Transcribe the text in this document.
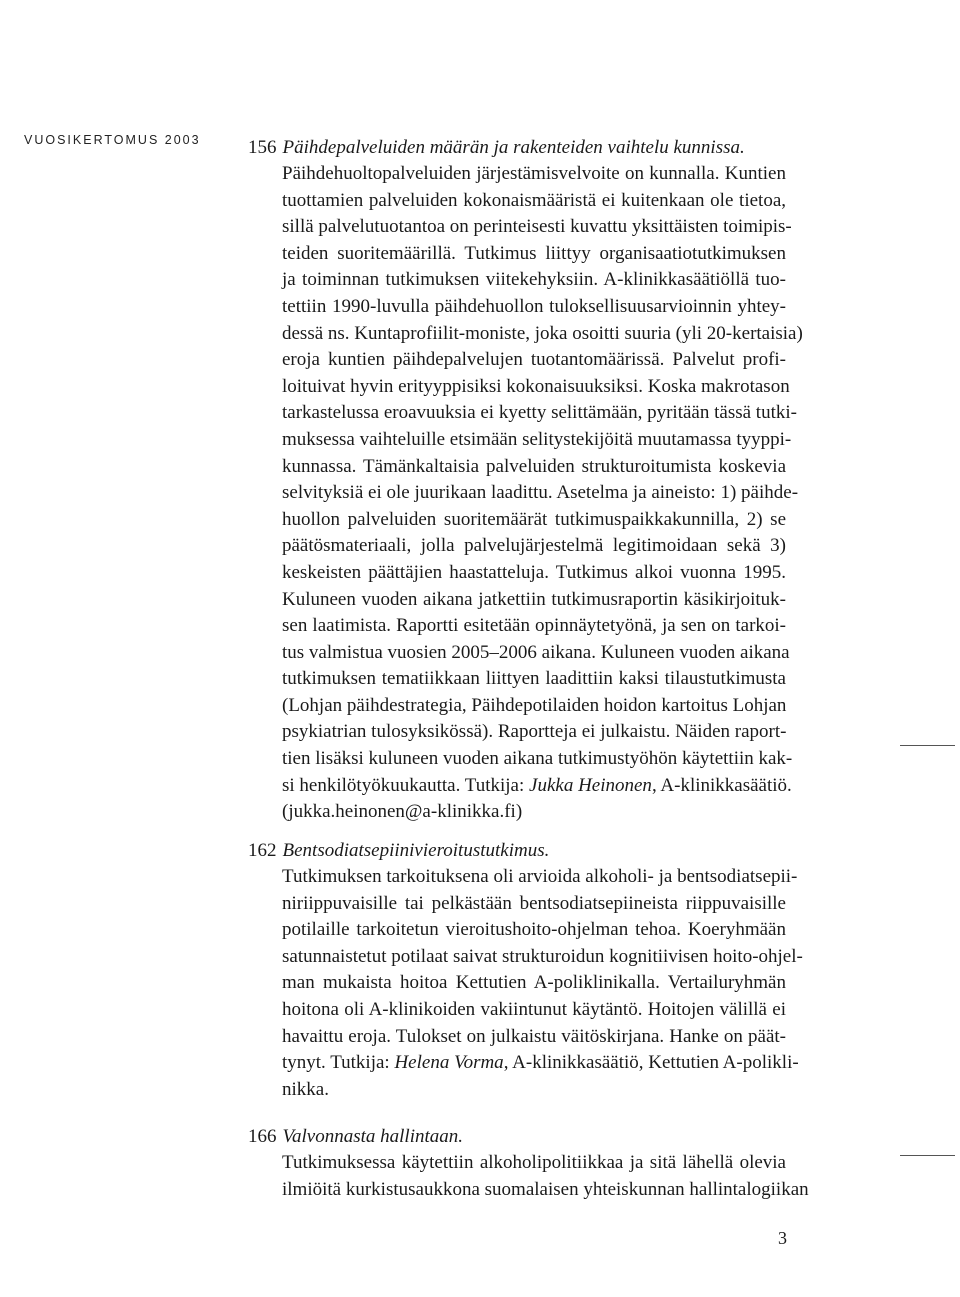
VUOSIKERTOMUS 2003 156 Päihdepalveluiden määrän ja rakenteiden vaihtelu kunnissa.
Päihdehuoltopalveluiden järjestämisvelvoite on kunnalla. Kuntien
tuottamien palveluiden kokonaismääristä ei kuitenkaan ole tietoa,
sillä palvelutuotantoa on perinteisesti kuvattu yksittäisten toimipis-
teiden suoritemäärillä. Tutkimus liittyy organisaatiotutkimuksen
ja toiminnan tutkimuksen viitekehyksiin. A-klinikkasäätiöllä tuo-
tettiin 1990-luvulla päihdehuollon tuloksellisuusarvioinnin yhtey-
dessä ns. Kuntaprofiilit-moniste, joka osoitti suuria (yli 20-kertaisia)
eroja kuntien päihdepalvelujen tuotantomäärissä. Palvelut profi-
loituivat hyvin erityyppisiksi kokonaisuuksiksi. Koska makrotason
tarkastelussa eroavuuksia ei kyetty selittämään, pyritään tässä tutki-
muksessa vaihteluille etsimään selitystekijöitä muutamassa tyyppi-
kunnassa. Tämänkaltaisia palveluiden strukturoitumista koskevia
selvityksiä ei ole juurikaan laadittu. Asetelma ja aineisto: 1) päihde-
huollon palveluiden suoritemäärät tutkimuspaikkakunnilla, 2) se
päätösmateriaali, jolla palvelujärjestelmä legitimoidaan sekä 3)
keskeisten päättäjien haastatteluja. Tutkimus alkoi vuonna 1995.
Kuluneen vuoden aikana jatkettiin tutkimusraportin käsikirjoituk-
sen laatimista. Raportti esitetään opinnäytetyönä, ja sen on tarkoi-
tus valmistua vuosien 2005–2006 aikana. Kuluneen vuoden aikana
tutkimuksen tematiikkaan liittyen laadittiin kaksi tilaustutkimusta
(Lohjan päihdestrategia, Päihdepotilaiden hoidon kartoitus Lohjan
psykiatrian tulosyksikössä). Raportteja ei julkaistu. Näiden raport-
tien lisäksi kuluneen vuoden aikana tutkimustyöhön käytettiin kak-
si henkilötyökuukautta. Tutkija: Jukka Heinonen, A-klinikkasäätiö.
(jukka.heinonen@a-klinikka.fi)
162 Bentsodiatsepiinivieroitustutkimus.
Tutkimuksen tarkoituksena oli arvioida alkoholi- ja bentsodiatsepii-
niriippuvaisille tai pelkästään bentsodiatsepiineista riippuvaisille
potilaille tarkoitetun vieroitushoito-ohjelman tehoa. Koeryhmään
satunnaistetut potilaat saivat strukturoidun kognitiivisen hoito-ohjel-
man mukaista hoitoa Kettutien A-poliklinikalla. Vertailuryhmän
hoitona oli A-klinikoiden vakiintunut käytäntö. Hoitojen välillä ei
havaittu eroja. Tulokset on julkaistu väitöskirjana. Hanke on päät-
tynyt. Tutkija: Helena Vorma, A-klinikkasäätiö, Kettutien A-polikli-
nikka.
166 Valvonnasta hallintaan.
Tutkimuksessa käytettiin alkoholipolitiikkaa ja sitä lähellä olevia
ilmiöitä kurkistusaukkona suomalaisen yhteiskunnan hallintalogiikan
3
